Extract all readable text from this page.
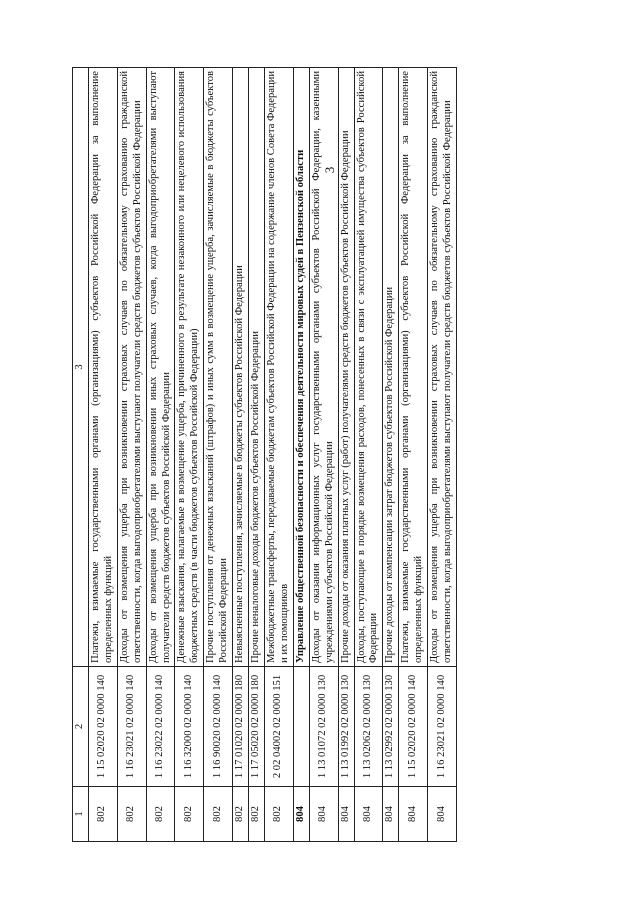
3
1	2	3
802	1 15 02020 02 0000 140	Платежи, взимаемые государственными органами (организациями) субъектов Российской Федерации за выполнение определенных функций
802	1 16 23021 02 0000 140	Доходы от возмещения ущерба при возникновении страховых случаев по обязательному страхованию гражданской ответственности, когда выгодоприобретателями выступают получатели средств бюджетов субъектов Российской Федерации
802	1 16 23022 02 0000 140	Доходы от возмещения ущерба при возникновении иных страховых случаев, когда выгодоприобретателями выступают получатели средств бюджетов субъектов Российской Федерации
802	1 16 32000 02 0000 140	Денежные взыскания, налагаемые в возмещение ущерба, причиненного в результате незаконного или нецелевого использования бюджетных средств (в части бюджетов субъектов Российской Федерации)
802	1 16 90020 02 0000 140	Прочие поступления от денежных взысканий (штрафов) и иных сумм в возмещение ущерба, зачисляемые в бюджеты субъектов Российской Федерации
802	1 17 01020 02 0000 180	Невыясненные поступления, зачисляемые в бюджеты субъектов Российской Федерации
802	1 17 05020 02 0000 180	Прочие неналоговые доходы бюджетов субъектов Российской Федерации
802	2 02 04002 02 0000 151	Межбюджетные трансферты, передаваемые бюджетам субъектов Российской Федерации на содержание членов Совета Федерации и их помощников
804		Управление общественной безопасности и обеспечения деятельности мировых судей в Пензенской области
804	1 13 01072 02 0000 130	Доходы от оказания информационных услуг государственными органами субъектов Российской Федерации, казенными учреждениями субъектов Российской Федерации
804	1 13 01992 02 0000 130	Прочие доходы от оказания платных услуг (работ) получателями средств бюджетов субъектов Российской Федерации
804	1 13 02062 02 0000 130	Доходы, поступающие в порядке возмещения расходов, понесенных в связи с эксплуатацией имущества субъектов Российской Федерации
804	1 13 02992 02 0000 130	Прочие доходы от компенсации затрат бюджетов субъектов Российской Федерации
804	1 15 02020 02 0000 140	Платежи, взимаемые государственными органами (организациями) субъектов Российской Федерации за выполнение определенных функций
804	1 16 23021 02 0000 140	Доходы от возмещения ущерба при возникновении страховых случаев по обязательному страхованию гражданской ответственности, когда выгодоприобретателями выступают получатели средств бюджетов субъектов Российской Федерации
